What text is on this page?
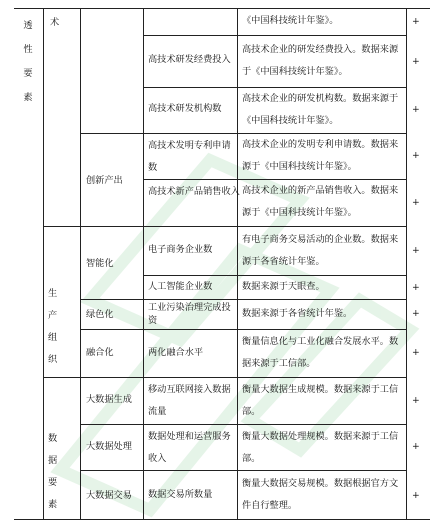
透性要素
术
生产组织
数据要素
创新产出
智能化
绿色化
融合化
大数据生成
大数据处理
大数据交易
高技术研发经费投入
高技术研发机构数
高技术发明专利申请数
高技术新产品销售收入
电子商务企业数
人工智能企业数
工业污染治理完成投资
两化融合水平
移动互联网接入数据流量
数据处理和运营服务收入
数据交易所数量
《中国科技统计年鉴》。
高技术企业的研发经费投入。数据来源于《中国科技统计年鉴》。
高技术企业的研发机构数。数据来源于《中国科技统计年鉴》。
高技术企业的发明专利申请数。数据来源于《中国科技统计年鉴》。
高技术企业的新产品销售收入。数据来源于《中国科技统计年鉴》。
有电子商务交易活动的企业数。数据来源于各省统计年鉴。
数据来源于天眼查。
数据来源于各省统计年鉴。
衡量信息化与工业化融合发展水平。数据来源于工信部。
衡量大数据生成规模。数据来源于工信部。
衡量大数据处理规模。数据来源于工信部。
衡量大数据交易规模。数据根据官方文件自行整理。
+
+
+
+
+
+
+
+
+
+
+
+
